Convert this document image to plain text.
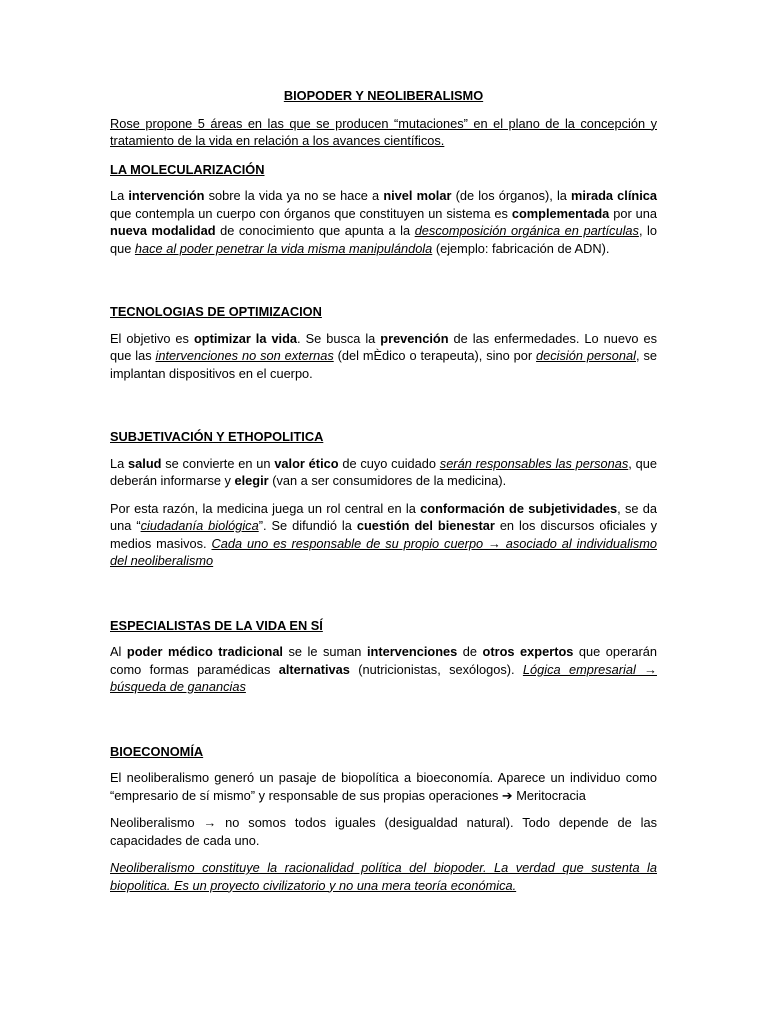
BIOPODER Y NEOLIBERALISMO

Rose propone 5 áreas en las que se producen “mutaciones” en el plano de la concepción y tratamiento de la vida en relación a los avances científicos.

LA MOLECULARIZACIÓN

La intervención sobre la vida ya no se hace a nivel molar (de los órganos), la mirada clínica que contempla un cuerpo con órganos que constituyen un sistema es complementada por una nueva modalidad de conocimiento que apunta a la descomposición orgánica en partículas, lo que hace al poder penetrar la vida misma manipulándola (ejemplo: fabricación de ADN).

TECNOLOGIAS DE OPTIMIZACION

El objetivo es optimizar la vida. Se busca la prevención de las enfermedades. Lo nuevo es que las intervenciones no son externas (del mÈdico o terapeuta), sino por decisión personal, se implantan dispositivos en el cuerpo.

SUBJETIVACIÓN Y ETHOPOLITICA

La salud se convierte en un valor ético de cuyo cuidado serán responsables las personas, que deberán informarse y elegir (van a ser consumidores de la medicina).

Por esta razón, la medicina juega un rol central en la conformación de subjetividades, se da una “ciudadanía biológica”. Se difundió la cuestión del bienestar en los discursos oficiales y medios masivos. Cada uno es responsable de su propio cuerpo → asociado al individualismo del neoliberalismo

ESPECIALISTAS DE LA VIDA EN SÍ

Al poder médico tradicional se le suman intervenciones de otros expertos que operarán como formas paramédicas alternativas (nutricionistas, sexólogos). Lógica empresarial → búsqueda de ganancias

BIOECONOMÍA

El neoliberalismo generó un pasaje de biopolítica a bioeconomía. Aparece un individuo como “empresario de sí mismo” y responsable de sus propias operaciones ➔ Meritocracia

Neoliberalismo → no somos todos iguales (desigualdad natural). Todo depende de las capacidades de cada uno.

Neoliberalismo constituye la racionalidad política del biopoder. La verdad que sustenta la biopolitica. Es un proyecto civilizatorio y no una mera teoría económica.
